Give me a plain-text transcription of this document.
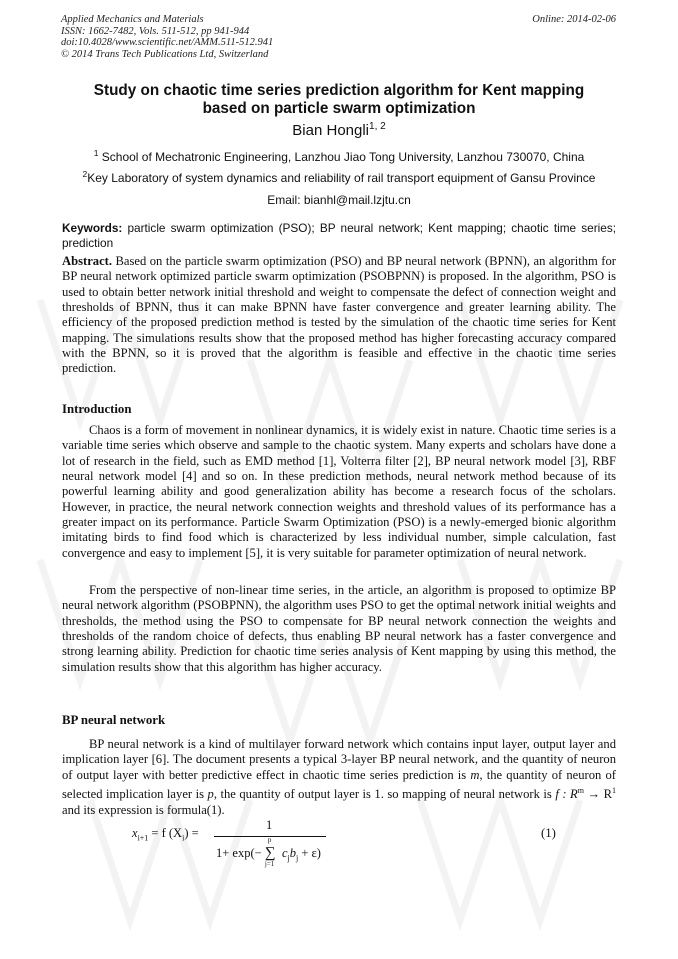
Applied Mechanics and Materials
ISSN: 1662-7482, Vols. 511-512, pp 941-944
doi:10.4028/www.scientific.net/AMM.511-512.941
© 2014 Trans Tech Publications Ltd, Switzerland
Online: 2014-02-06
Study on chaotic time series prediction algorithm for Kent mapping
based on particle swarm optimization
Bian Hongli$^{1, 2}$
$^1$ School of Mechatronic Engineering, Lanzhou Jiao Tong University, Lanzhou 730070, China
$^2$Key Laboratory of system dynamics and reliability of rail transport equipment of Gansu Province
Email: bianhl@mail.lzjtu.cn
Keywords: particle swarm optimization (PSO); BP neural network; Kent mapping; chaotic time series; prediction

Abstract. Based on the particle swarm optimization (PSO) and BP neural network (BPNN), an algorithm for BP neural network optimized particle swarm optimization (PSOBPNN) is proposed. In the algorithm, PSO is used to obtain better network initial threshold and weight to compensate the defect of connection weight and thresholds of BPNN, thus it can make BPNN have faster convergence and greater learning ability. The efficiency of the proposed prediction method is tested by the simulation of the chaotic time series for Kent mapping. The simulations results show that the proposed method has higher forecasting accuracy compared with the BPNN, so it is proved that the algorithm is feasible and effective in the chaotic time series prediction.

Introduction

Chaos is a form of movement in nonlinear dynamics, it is widely exist in nature. Chaotic time series is a variable time series which observe and sample to the chaotic system. Many experts and scholars have done a lot of research in the field, such as EMD method [1], Volterra filter [2], BP neural network model [3], RBF neural network model [4] and so on. In these prediction methods, neural network method because of its powerful learning ability and good generalization ability has become a research focus of the scholars. However, in practice, the neural network connection weights and threshold values of its performance has a greater impact on its performance. Particle Swarm Optimization (PSO) is a newly-emerged bionic algorithm imitating birds to find food which is characterized by less individual number, simple calculation, fast convergence and easy to implement [5], it is very suitable for parameter optimization of neural network.

From the perspective of non-linear time series, in the article, an algorithm is proposed to optimize BP neural network algorithm (PSOBPNN), the algorithm uses PSO to get the optimal network initial weights and thresholds, the method using the PSO to compensate for BP neural network connection the weights and thresholds of the random choice of defects, thus enabling BP neural network has a faster convergence and strong learning ability. Prediction for chaotic time series analysis of Kent mapping by using this method, the simulation results show that this algorithm has higher accuracy.

BP neural network

BP neural network is a kind of multilayer forward network which contains input layer, output layer and implication layer [6]. The document presents a typical 3-layer BP neural network, and the quantity of neuron of output layer with better predictive effect in chaotic time series prediction is m, the quantity of neuron of selected implication layer is p, the quantity of output layer is 1. so mapping of neural network is f : $R^m \to R^1$ and its expression is formula(1).

$x_{i+1} = f$ $(X_i)$ =
1
1+ exp(−
p
∑
j=1
$c_jb_j + \varepsilon$)
(1)
